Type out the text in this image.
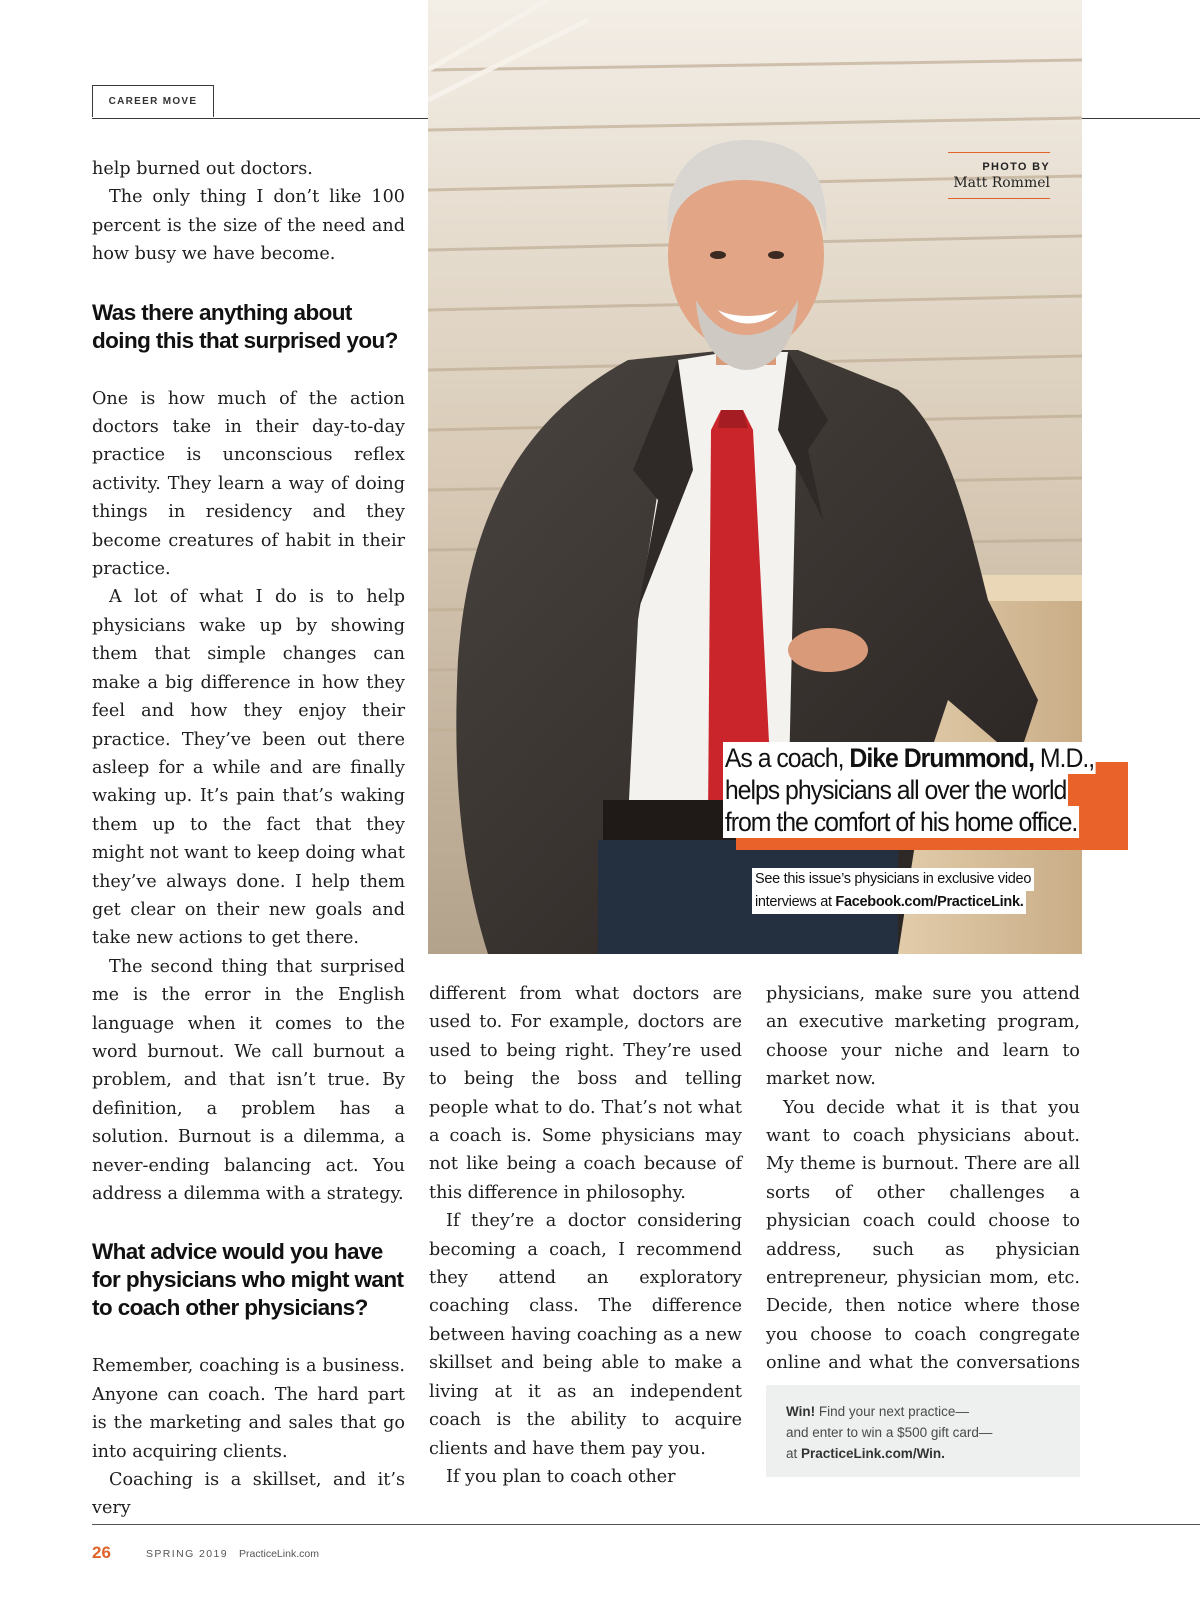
CAREER MOVE
PHOTO BY
Matt Rommel
As a coach, Dike Drummond, M.D.,
helps physicians all over the world
from the comfort of his home office.
See this issue’s physicians in exclusive video
interviews at Facebook.com/PracticeLink.

help burned out doctors.

The only thing I don’t like 100 percent is the size of the need and how busy we have become.

Was there anything about doing this that surprised you?

One is how much of the action doctors take in their day-to-day practice is unconscious reflex activity. They learn a way of doing things in residency and they become creatures of habit in their practice.

A lot of what I do is to help physicians wake up by showing them that simple changes can make a big difference in how they feel and how they enjoy their practice. They’ve been out there asleep for a while and are finally waking up. It’s pain that’s waking them up to the fact that they might not want to keep doing what they’ve always done. I help them get clear on their new goals and take new actions to get there.

The second thing that surprised me is the error in the English language when it comes to the word burnout. We call burnout a problem, and that isn’t true. By definition, a problem has a solution. Burnout is a dilemma, a never-ending balancing act. You address a dilemma with a strategy.

What advice would you have for physicians who might want to coach other physicians?

Remember, coaching is a business. Anyone can coach. The hard part is the marketing and sales that go into acquiring clients.

Coaching is a skillset, and it’s very

different from what doctors are used to. For example, doctors are used to being right. They’re used to being the boss and telling people what to do. That’s not what a coach is. Some physicians may not like being a coach because of this difference in philosophy.

If they’re a doctor considering becoming a coach, I recommend they attend an exploratory coaching class. The difference between having coaching as a new skillset and being able to make a living at it as an independent coach is the ability to acquire clients and have them pay you.

If you plan to coach other

physicians, make sure you attend an executive marketing program, choose your niche and learn to market now.

You decide what it is that you want to coach physicians about. My theme is burnout. There are all sorts of other challenges a physician coach could choose to address, such as physician entrepreneur, physician mom, etc. Decide, then notice where those you choose to coach congregate online and what the conversations

Win! Find your next practice—
and enter to win a $500 gift card—
at PracticeLink.com/Win.
26	SPRING 2019 PracticeLink.com
